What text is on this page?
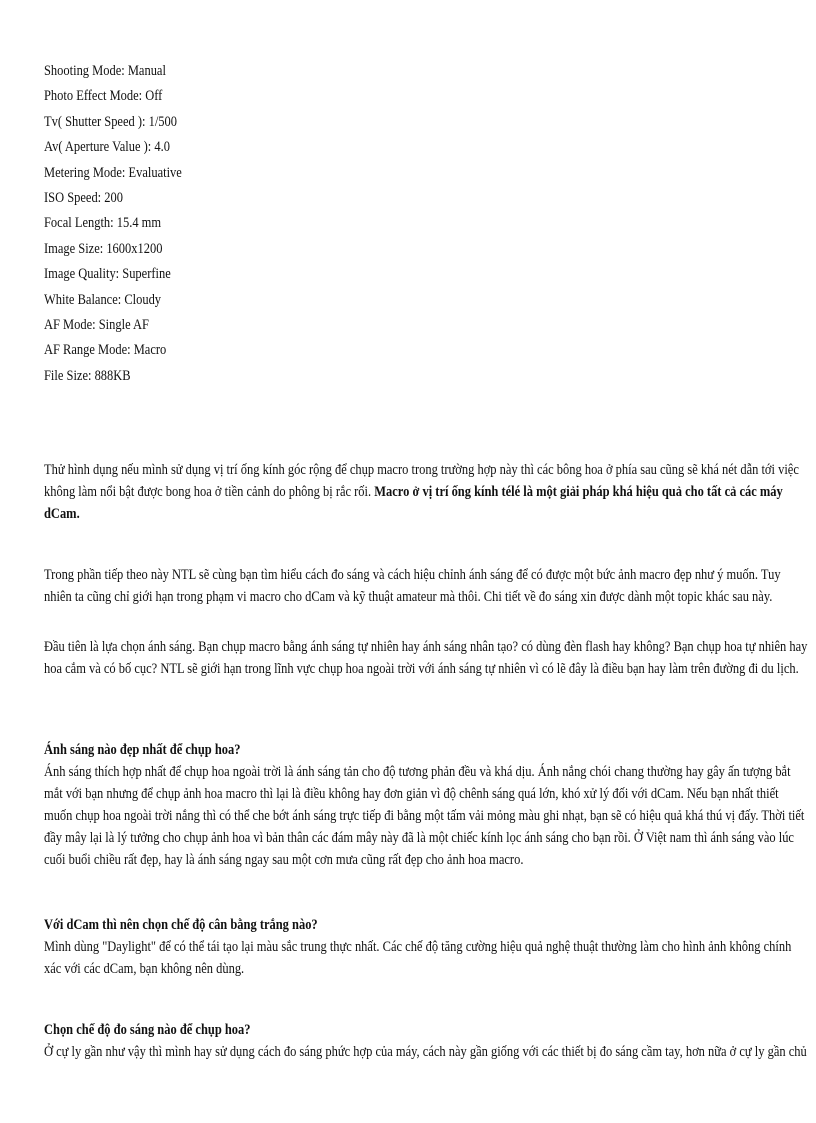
Shooting Mode: Manual
Photo Effect Mode: Off
Tv( Shutter Speed ): 1/500
Av( Aperture Value ): 4.0
Metering Mode: Evaluative
ISO Speed: 200
Focal Length: 15.4 mm
Image Size: 1600x1200
Image Quality: Superfine
White Balance: Cloudy
AF Mode: Single AF
AF Range Mode: Macro
File Size: 888KB
Thử hình dụng nếu mình sử dụng vị trí ống kính góc rộng để chụp macro trong trường hợp này thì các bông hoa ở phía sau cũng sẽ khá nét dẫn tới việc không làm nổi bật được bong hoa ở tiền cảnh do phông bị rắc rối. Macro ở vị trí ống kính télé là một giải pháp khá hiệu quả cho tất cả các máy dCam.
Trong phần tiếp theo này NTL sẽ cùng bạn tìm hiểu cách đo sáng và cách hiệu chỉnh ánh sáng để có được một bức ảnh macro đẹp như ý muốn. Tuy nhiên ta cũng chỉ giới hạn trong phạm vi macro cho dCam và kỹ thuật amateur mà thôi. Chi tiết về đo sáng xin được dành một topic khác sau này.
Đầu tiên là lựa chọn ánh sáng. Bạn chụp macro bằng ánh sáng tự nhiên hay ánh sáng nhân tạo? có dùng đèn flash hay không? Bạn chụp hoa tự nhiên hay hoa cắm và có bố cục? NTL sẽ giới hạn trong lĩnh vực chụp hoa ngoài trời với ánh sáng tự nhiên vì có lẽ đây là điều bạn hay làm trên đường đi du lịch.
Ánh sáng nào đẹp nhất để chụp hoa?
Ánh sáng thích hợp nhất để chụp hoa ngoài trời là ánh sáng tản cho độ tương phản đều và khá dịu. Ánh nắng chói chang thường hay gây ấn tượng bắt mắt với bạn nhưng để chụp ảnh hoa macro thì lại là điều không hay đơn giản vì độ chênh sáng quá lớn, khó xử lý đối với dCam. Nếu bạn nhất thiết muốn chụp hoa ngoài trời nắng thì có thể che bớt ánh sáng trực tiếp đi bằng một tấm vải mỏng màu ghi nhạt, bạn sẽ có hiệu quả khá thú vị đấy. Thời tiết đầy mây lại là lý tưởng cho chụp ảnh hoa vì bản thân các đám mây này đã là một chiếc kính lọc ánh sáng cho bạn rồi. Ở Việt nam thì ánh sáng vào lúc cuối buổi chiều rất đẹp, hay là ánh sáng ngay sau một cơn mưa cũng rất đẹp cho ảnh hoa macro.
Với dCam thì nên chọn chế độ cân bằng trắng nào?
Mình dùng "Daylight" để có thể tái tạo lại màu sắc trung thực nhất. Các chế độ tăng cường hiệu quả nghệ thuật thường làm cho hình ảnh không chính xác với các dCam, bạn không nên dùng.
Chọn chế độ đo sáng nào để chụp hoa?
Ở cự ly gần như vậy thì mình hay sử dụng cách đo sáng phức hợp của máy, cách này gần giống với các thiết bị đo sáng cầm tay, hơn nữa ở cự ly gần chủ
